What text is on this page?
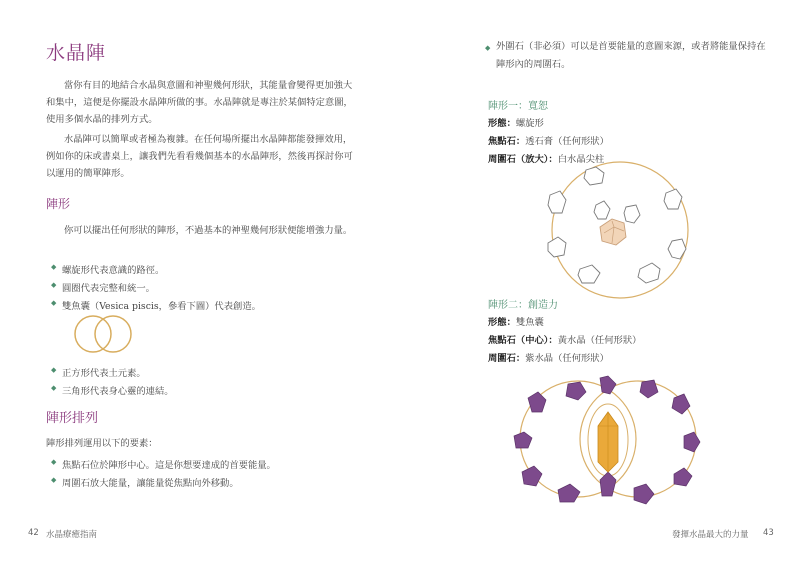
水晶陣
當你有目的地結合水晶與意圖和神聖幾何形狀，其能量會變得更加強大和集中，這便是你擺設水晶陣所做的事。水晶陣就是專注於某個特定意圖，使用多個水晶的排列方式。
水晶陣可以簡單或者極為複雜。在任何場所擺出水晶陣都能發揮效用，例如你的床或書桌上，讓我們先看看幾個基本的水晶陣形，然後再探討你可以運用的簡單陣形。
陣形
你可以擺出任何形狀的陣形，不過基本的神聖幾何形狀便能增強力量。
◆ 螺旋形代表意識的路徑。
◆ 圓圈代表完整和統一。
◆ 雙魚囊（Vesica piscis，參看下圖）代表創造。
◆ 正方形代表土元素。
◆ 三角形代表身心靈的連結。
陣形排列
陣形排列運用以下的要素：
◆ 焦點石位於陣形中心。這是你想要達成的首要能量。
◆ 周圍石放大能量，讓能量從焦點向外移動。
42 水晶療癒指南
◆ 外圍石（非必須）可以是首要能量的意圖來源，或者將能量保持在陣形內的周圍石。
陣形一：寬恕
形態：螺旋形
焦點石：透石膏（任何形狀）
周圍石（放大）：白水晶尖柱
陣形二：創造力
形態：雙魚囊
焦點石（中心）：黃水晶（任何形狀）
周圍石：紫水晶（任何形狀）
發揮水晶最大的力量 43
